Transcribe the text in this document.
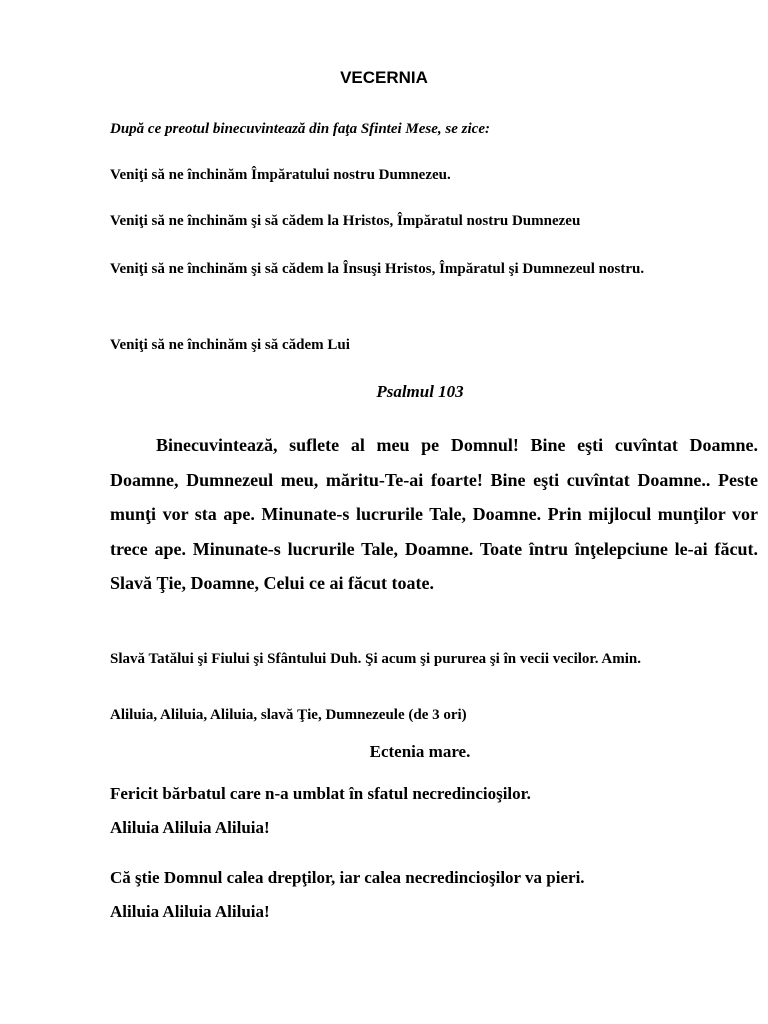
VECERNIA

După ce preotul binecuvintează din faţa Sfintei Mese, se zice:

Veniţi să ne închinăm Împăratului nostru Dumnezeu.

Veniţi să ne închinăm şi să cădem la Hristos, Împăratul nostru Dumnezeu

Veniţi să ne închinăm şi să cădem la Însuşi Hristos, Împăratul şi Dumnezeul nostru.

Veniţi să ne închinăm şi să cădem Lui

Psalmul 103

Binecuvintează, suflete al meu pe Domnul! Bine eşti cuvîntat Doamne. Doamne, Dumnezeul meu, măritu-Te-ai foarte! Bine eşti cuvîntat Doamne.. Peste munţi vor sta ape. Minunate-s lucrurile Tale, Doamne. Prin mijlocul munţilor vor trece ape. Minunate-s lucrurile Tale, Doamne. Toate întru înţelepciune le-ai făcut. Slavă Ţie, Doamne, Celui ce ai făcut toate.

Slavă Tatălui şi Fiului şi Sfântului Duh. Şi acum şi pururea şi în vecii vecilor. Amin.

Aliluia, Aliluia, Aliluia, slavă Ţie, Dumnezeule (de 3 ori)

Ectenia mare.

Fericit bărbatul care n-a umblat în sfatul necredincioşilor.

Aliluia Aliluia Aliluia!

Că ştie Domnul calea drepţilor, iar calea necredincioşilor va pieri.

Aliluia Aliluia Aliluia!
